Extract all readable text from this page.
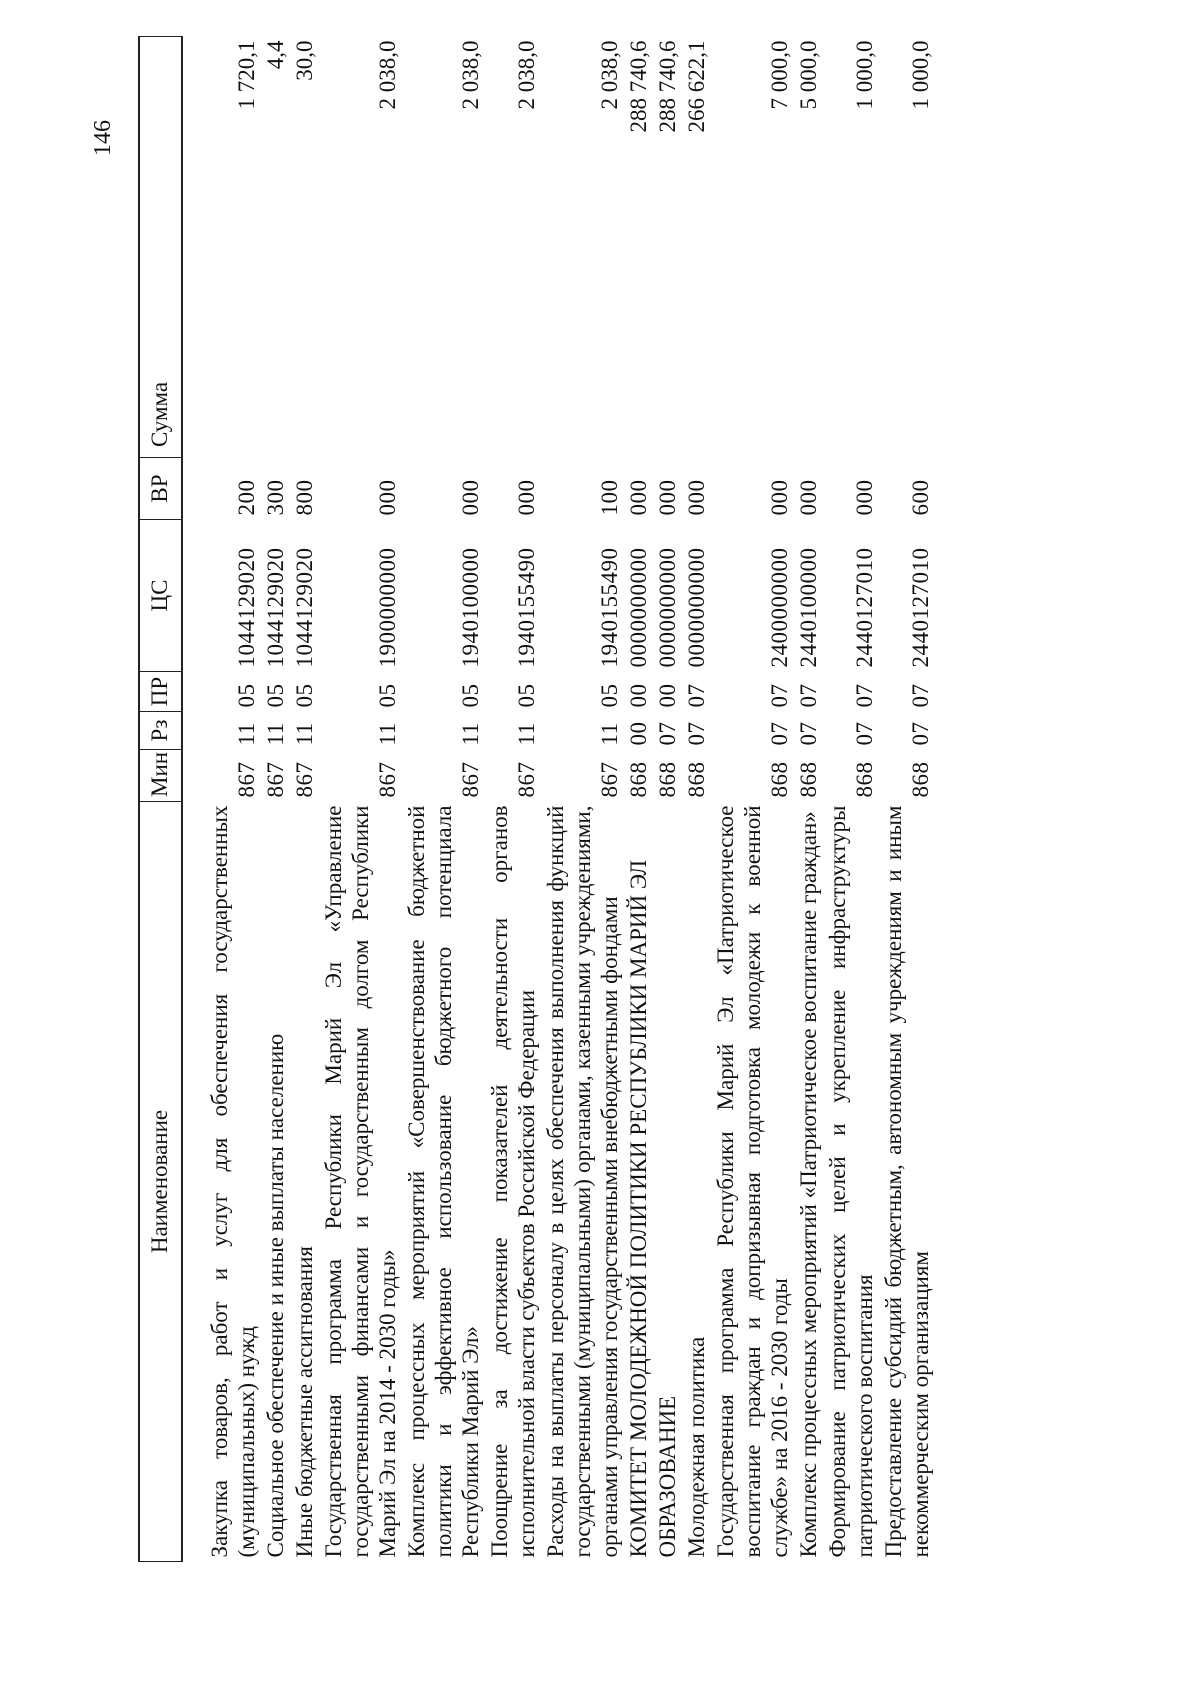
146
Наименование	Мин	Рз	ПР	ЦС	ВР	Сумма

Закупка товаров, работ и услуг для обеспечения государственных (муниципальных) нужд	867	11	05	1044129020	200	1 720,1
Социальное обеспечение и иные выплаты населению	867	11	05	1044129020	300	4,4
Иные бюджетные ассигнования	867	11	05	1044129020	800	30,0
Государственная программа Республики Марий Эл «Управление государственными финансами и государственным долгом Республики Марий Эл на 2014 - 2030 годы»	867	11	05	1900000000	000	2 038,0
Комплекс процессных мероприятий «Совершенствование бюджетной политики и эффективное использование бюджетного потенциала Республики Марий Эл»	867	11	05	1940100000	000	2 038,0
Поощрение за достижение показателей деятельности органов исполнительной власти субъектов Российской Федерации	867	11	05	1940155490	000	2 038,0
Расходы на выплаты персоналу в целях обеспечения выполнения функций государственными (муниципальными) органами, казенными учреждениями, органами управления государственными внебюджетными фондами	867	11	05	1940155490	100	2 038,0
КОМИТЕТ МОЛОДЕЖНОЙ ПОЛИТИКИ РЕСПУБЛИКИ МАРИЙ ЭЛ	868	00	00	0000000000	000	288 740,6
ОБРАЗОВАНИЕ	868	07	00	0000000000	000	288 740,6
Молодежная политика	868	07	07	0000000000	000	266 622,1
Государственная программа Республики Марий Эл «Патриотическое воспитание граждан и допризывная подготовка молодежи к военной службе» на 2016 - 2030 годы	868	07	07	2400000000	000	7 000,0
Комплекс процессных мероприятий «Патриотическое воспитание граждан»	868	07	07	2440100000	000	5 000,0
Формирование патриотических целей и укрепление инфраструктуры патриотического воспитания	868	07	07	2440127010	000	1 000,0
Предоставление субсидий бюджетным, автономным учреждениям и иным некоммерческим организациям	868	07	07	2440127010	600	1 000,0
